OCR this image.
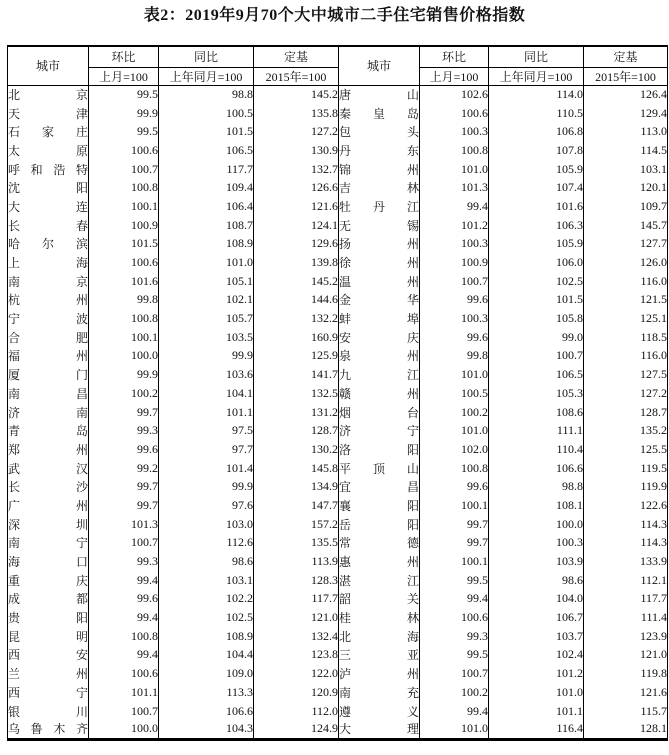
表2：2019年9月70个大中城市二手住宅销售价格指数
城市	环比	同比	定基	城市	环比	同比	定基
	上月=100	上年同月=100	2015年=100		上月=100	上年同月=100	2015年=100

北京	99.5	98.8	145.2	唐山	102.6	114.0	126.4

天津	99.9	100.5	135.8	秦皇岛	100.6	110.5	129.4

石家庄	99.5	101.5	127.2	包头	100.3	106.8	113.0

太原	100.6	106.5	130.9	丹东	100.8	107.8	114.5

呼和浩特	100.7	117.7	132.7	锦州	101.0	105.9	103.1

沈阳	100.8	109.4	126.6	吉林	101.3	107.4	120.1

大连	100.1	106.4	121.6	牡丹江	99.4	101.6	109.7

长春	100.9	108.7	124.1	无锡	101.2	106.3	145.7

哈尔滨	101.5	108.9	129.6	扬州	100.3	105.9	127.7

上海	100.6	101.0	139.8	徐州	100.9	106.0	126.0

南京	101.6	105.1	145.2	温州	100.7	102.5	116.0

杭州	99.8	102.1	144.6	金华	99.6	101.5	121.5

宁波	100.8	105.7	132.2	蚌埠	100.3	105.8	125.1

合肥	100.1	103.5	160.9	安庆	99.6	99.0	118.5

福州	100.0	99.9	125.9	泉州	99.8	100.7	116.0

厦门	99.9	103.6	141.7	九江	101.0	106.5	127.5

南昌	100.2	104.1	132.5	赣州	100.5	105.3	127.2

济南	99.7	101.1	131.2	烟台	100.2	108.6	128.7

青岛	99.3	97.5	128.7	济宁	101.0	111.1	135.2

郑州	99.6	97.7	130.2	洛阳	102.0	110.4	125.5

武汉	99.2	101.4	145.8	平顶山	100.8	106.6	119.5

长沙	99.7	99.9	134.9	宜昌	99.6	98.8	119.9

广州	99.7	97.6	147.7	襄阳	100.1	108.1	122.6

深圳	101.3	103.0	157.2	岳阳	99.7	100.0	114.3

南宁	100.7	112.6	135.5	常德	99.7	100.3	114.3

海口	99.3	98.6	113.9	惠州	100.1	103.9	133.9

重庆	99.4	103.1	128.3	湛江	99.5	98.6	112.1

成都	99.6	102.2	117.7	韶关	99.4	104.0	117.7

贵阳	99.4	102.5	121.0	桂林	100.6	106.7	111.4

昆明	100.8	108.9	132.4	北海	99.3	103.7	123.9

西安	99.4	104.4	123.8	三亚	99.5	102.4	121.0

兰州	100.6	109.0	122.0	泸州	100.7	101.2	119.8

西宁	101.1	113.3	120.9	南充	100.2	101.0	121.6

银川	100.7	106.6	112.0	遵义	99.4	101.1	115.7

乌鲁木齐	100.0	104.3	124.9	大理	101.0	116.4	128.1
